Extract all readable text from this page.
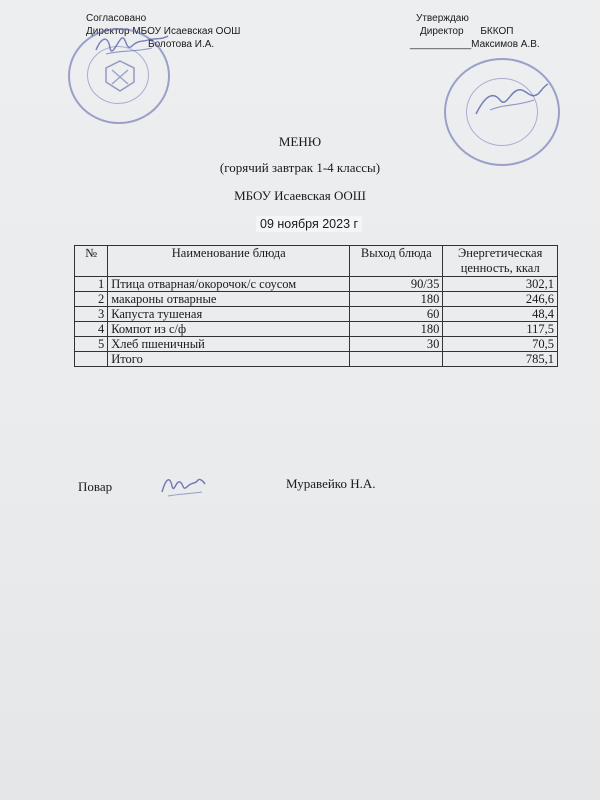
Согласовано
Директор МБОУ Исаевская ООШ
Болотова И.А.
Утверждаю
Директор БККОП
___________Максимов А.В.
МЕНЮ
(горячий завтрак 1-4 классы)
МБОУ Исаевская ООШ
09 ноября 2023 г
№	Наименование блюда	Выход блюда	Энергетическая ценность, ккал
1	Птица отварная/окорочок/с соусом	90/35	302,1
2	макароны отварные	180	246,6
3	Капуста тушеная	60	48,4
4	Компот из с/ф	180	117,5
5	Хлеб пшеничный	30	70,5
	Итого		785,1
Повар	Муравейко Н.А.
